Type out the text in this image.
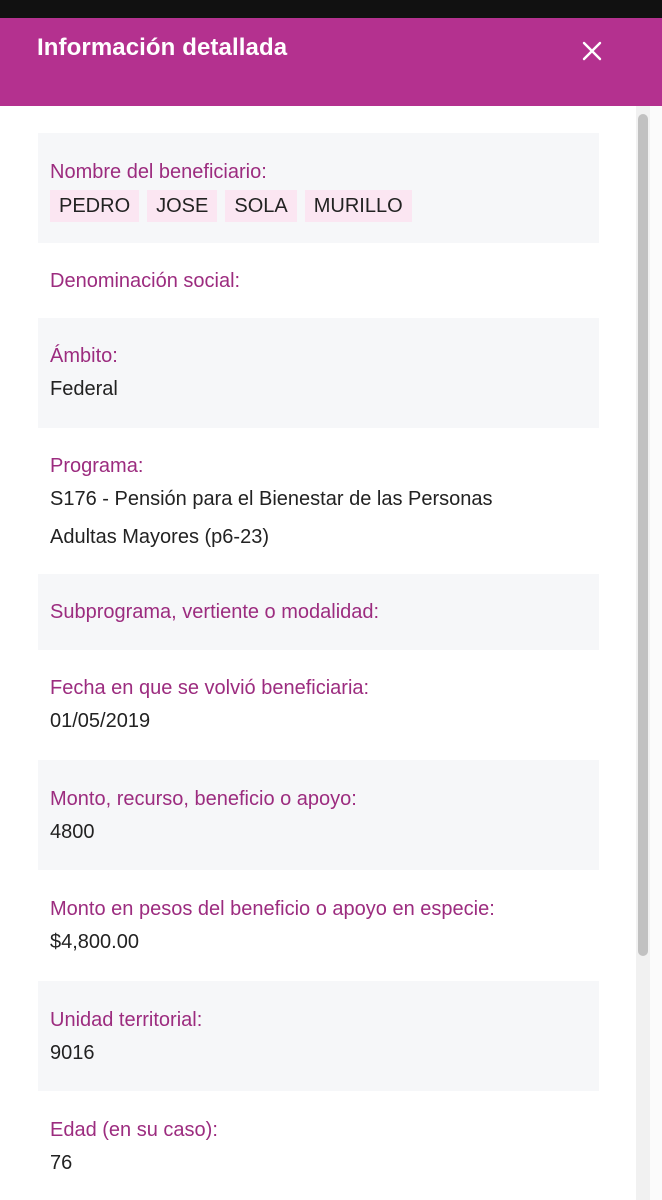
Información detallada
Nombre del beneficiario:
PEDRO	JOSE	SOLA	MURILLO
Denominación social:
Ámbito:
Federal
Programa:
S176 - Pensión para el Bienestar de las Personas
Adultas Mayores (p6-23)
Subprograma, vertiente o modalidad:
Fecha en que se volvió beneficiaria:
01/05/2019
Monto, recurso, beneficio o apoyo:
4800
Monto en pesos del beneficio o apoyo en especie:
$4,800.00
Unidad territorial:
9016
Edad (en su caso):
76
